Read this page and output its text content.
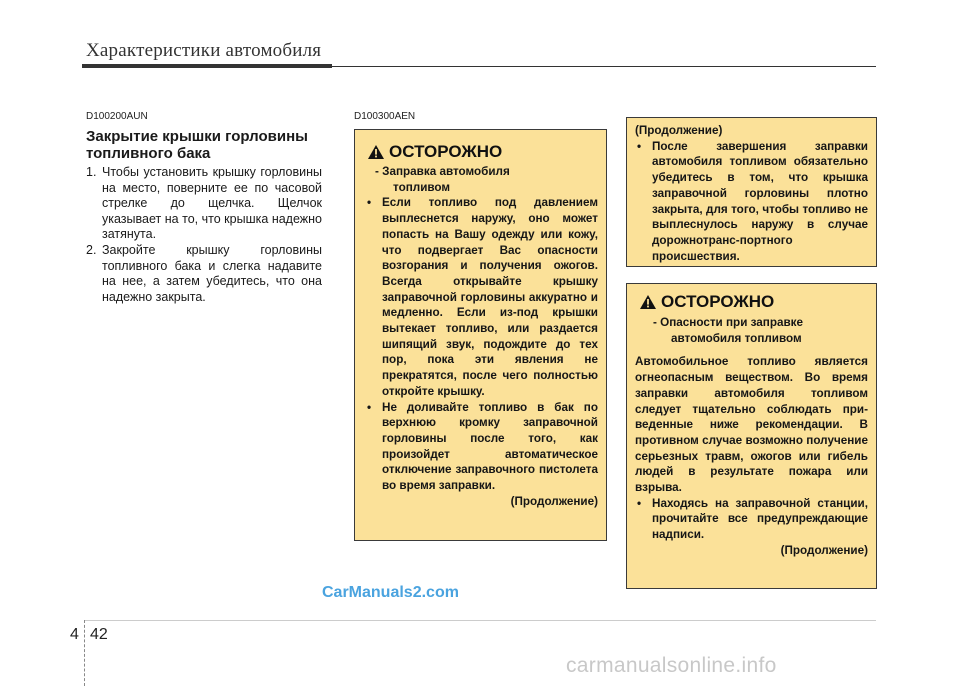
Характеристики автомобиля
D100200AUN
Закрытие крышки горловины топливного бака
1. Чтобы установить крышку горловины на место, поверните ее по часовой стрелке до щелчка. Щелчок указывает на то, что крышка надежно затянута.
2. Закройте крышку горловины топливного бака и слегка надавите на нее, а затем убедитесь, что она надежно закрыта.
D100300AEN
ОСТОРОЖНО
- Заправка автомобиля
топливом
• Если топливо под давлением выплеснется наружу, оно может попасть на Вашу одежду или кожу, что подвергает Вас опасности возгорания и получения ожогов. Всегда открывайте крышку заправочной горловины аккуратно и медленно. Если из-под крышки вытекает топливо, или раздается шипящий звук, подождите до тех пор, пока эти явления не прекратятся, после чего полностью откройте крышку.
• Не доливайте топливо в бак по верхнюю кромку заправочной горловины после того, как произойдет автоматическое отключение заправочного пистолета во время заправки.
(Продолжение)
(Продолжение)
• После завершения заправки автомобиля топливом обязательно убедитесь в том, что крышка заправочной горловины плотно закрыта, для того, чтобы топливо не выплеснулось наружу в случае дорожнотранс-портного происшествия.
ОСТОРОЖНО
- Опасности при заправке
автомобиля топливом
Автомобильное топливо является огнеопасным веществом. Во время заправки автомобиля топливом следует тщательно соблюдать при-веденные ниже рекомендации. В противном случае возможно получение серьезных травм, ожогов или гибель людей в результате пожара или взрыва.
• Находясь на заправочной станции, прочитайте все предупреждающие надписи.
(Продолжение)
CarManuals2.com
4 42
carmanualsonline.info
